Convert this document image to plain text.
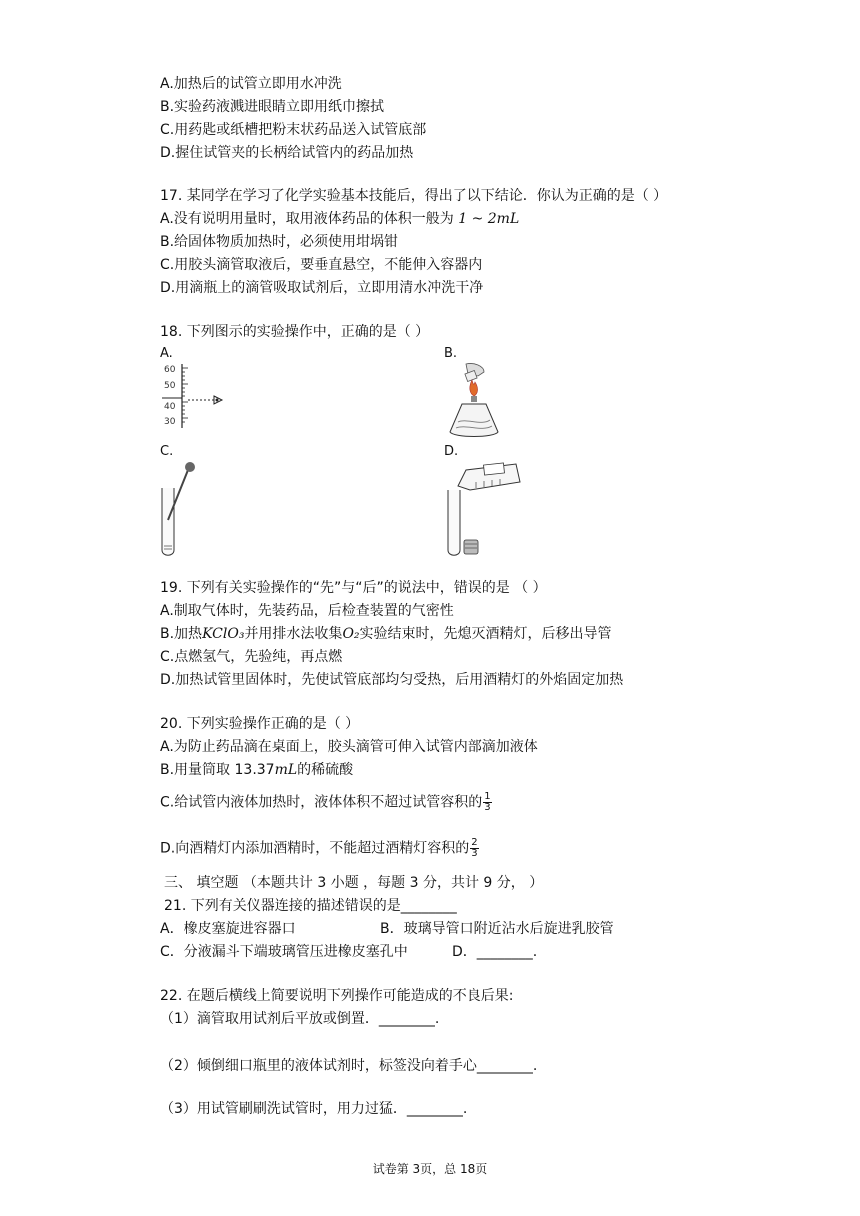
A.加热后的试管立即用水冲洗
B.实验药液溅进眼睛立即用纸巾擦拭
C.用药匙或纸槽把粉末状药品送入试管底部
D.握住试管夹的长柄给试管内的药品加热
17. 某同学在学习了化学实验基本技能后，得出了以下结论．你认为正确的是（ ）
A.没有说明用量时，取用液体药品的体积一般为 1 ~ 2mL
B.给固体物质加热时，必须使用坩埚钳
C.用胶头滴管取液后，要垂直悬空，不能伸入容器内
D.用滴瓶上的滴管吸取试剂后，立即用清水冲洗干净
18. 下列图示的实验操作中，正确的是（ ）
A.	B.
C.	D.
60
50
40
30
19. 下列有关实验操作的“先”与“后”的说法中，错误的是 （ ）
A.制取气体时，先装药品，后检查装置的气密性
B.加热KClO₃并用排水法收集O₂实验结束时，先熄灭酒精灯，后移出导管
C.点燃氢气，先验纯，再点燃
D.加热试管里固体时，先使试管底部均匀受热，后用酒精灯的外焰固定加热
20. 下列实验操作正确的是（ ）
A.为防止药品滴在桌面上，胶头滴管可伸入试管内部滴加液体
B.用量筒取 13.37mL的稀硫酸
C.给试管内液体加热时，液体体积不超过试管容积的 $\frac{1}{3}$
D.向酒精灯内添加酒精时，不能超过酒精灯容积的 $\frac{2}{3}$
三、 填空题 （本题共计 3 小题 ，每题 3 分，共计 9 分， ）
21. 下列有关仪器连接的描述错误的是________
A．橡皮塞旋进容器口	B．玻璃导管口附近沾水后旋进乳胶管
C．分液漏斗下端玻璃管压进橡皮塞孔中	D．________.
22. 在题后横线上简要说明下列操作可能造成的不良后果:
（1）滴管取用试剂后平放或倒置．________.
（2）倾倒细口瓶里的液体试剂时，标签没向着手心________.
（3）用试管刷刷洗试管时，用力过猛．________.
试卷第 3页，总 18页
